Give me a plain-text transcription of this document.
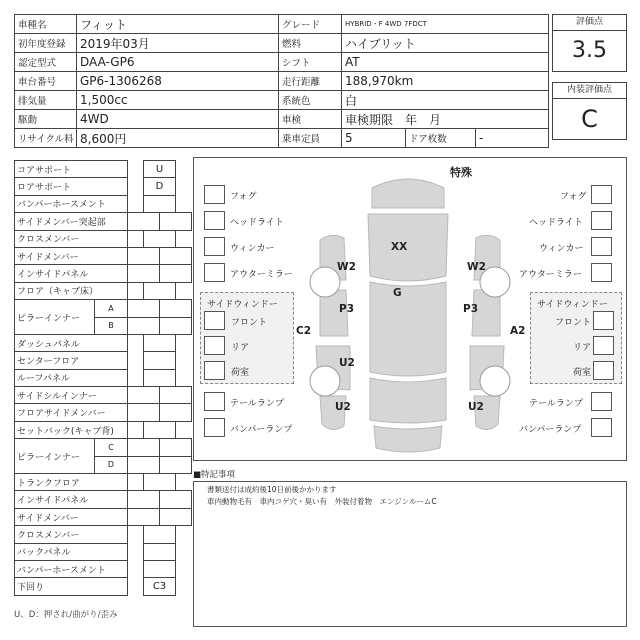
車種名	フィット	グレード	HYBRID・F 4WD 7FDCT		
初年度登録	2019年03月	燃料	ハイブリット		
認定型式	DAA-GP6	シフト	AT		
車台番号	GP6-1306268	走行距離	188,970km		
排気量	1,500cc	系統色	白		
駆動	4WD	車検	車検期限　年　月		
リサイクル料	8,600円	乗車定員	5	ドア枚数	-
評価点
3.5
内装評価点
C
コアサポート			U		
ロアサポート			D		
バンパーホースメント					
サイドメンバー突起部					
クロスメンバー					
サイドメンバー					
インサイドパネル					
フロア（キャブ床）					
ピラーインナー	A				
	B				
ダッシュパネル					
センターフロア					
ルーフパネル					
サイドシルインナー					
フロアサイドメンバー					
セットバック(キャブ背)					
ピラーインナー	C				
	D				
トランクフロア					
インサイドパネル					
サイドメンバー					
クロスメンバー					
バックパネル					
バンパーホースメント					
下回り			C3		
U、D：押され/曲がり/歪み
特殊
フォグ
ヘッドライト
ウィンカー
アウターミラー
サイドウィンドー
フロント
リア
荷室
テールランプ
バンパーランプ
フォグ
ヘッドライト
ウィンカー
アウターミラー
サイドウィンドー
フロント
リア
荷室
テールランプ
バンパーランプ
XX
G
W2	W2
P3	P3
C2	A2
U2
U2	U2
■特記事項
書類送付は成約後10日前後かかります
車内動物毛有　車内コゲ穴・臭い有　外装付着物　エンジンルームC
